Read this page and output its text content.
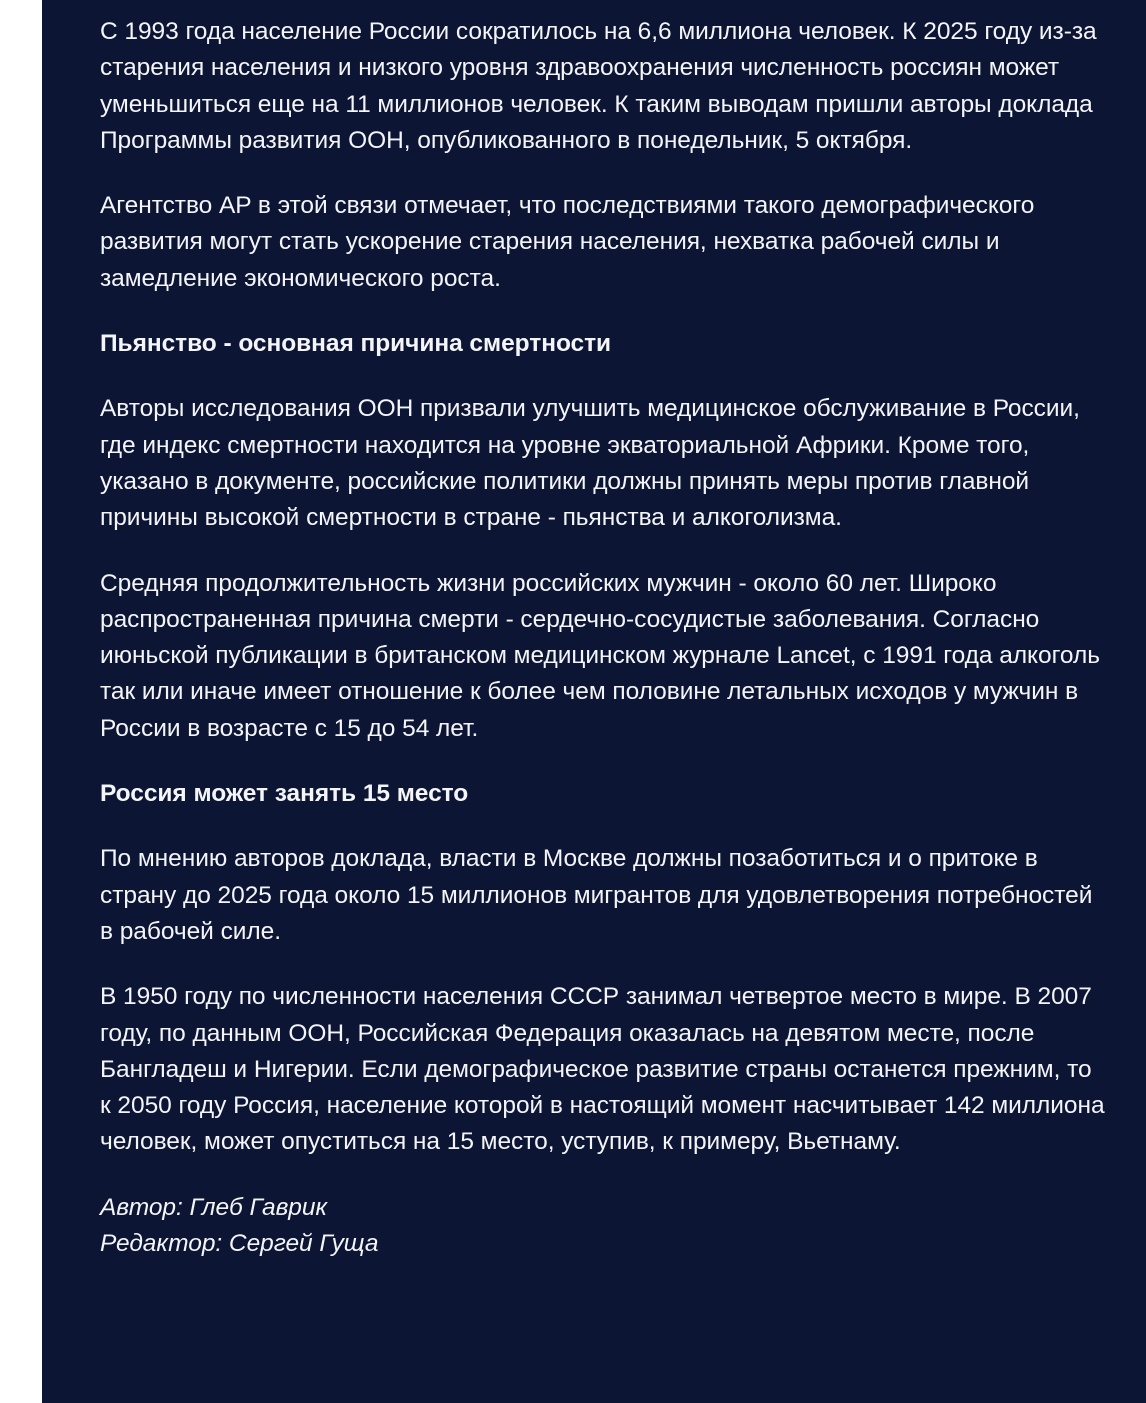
С 1993 года население России сократилось на 6,6 миллиона человек. К 2025 году из-за старения населения и низкого уровня здравоохранения численность россиян может уменьшиться еще на 11 миллионов человек. К таким выводам пришли авторы доклада Программы развития ООН, опубликованного в понедельник, 5 октября.

Агентство AP в этой связи отмечает, что последствиями такого демографического развития могут стать ускорение старения населения, нехватка рабочей силы и замедление экономического роста.

Пьянство - основная причина смертности

Авторы исследования ООН призвали улучшить медицинское обслуживание в России, где индекс смертности находится на уровне экваториальной Африки. Кроме того, указано в документе, российские политики должны принять меры против главной причины высокой смертности в стране - пьянства и алкоголизма.

Средняя продолжительность жизни российских мужчин - около 60 лет. Широко распространенная причина смерти - сердечно-сосудистые заболевания. Согласно июньской публикации в британском медицинском журнале Lancet, с 1991 года алкоголь так или иначе имеет отношение к более чем половине летальных исходов у мужчин в России в возрасте с 15 до 54 лет.

Россия может занять 15 место

По мнению авторов доклада, власти в Москве должны позаботиться и о притоке в страну до 2025 года около 15 миллионов мигрантов для удовлетворения потребностей в рабочей силе.

В 1950 году по численности населения СССР занимал четвертое место в мире. В 2007 году, по данным ООН, Российская Федерация оказалась на девятом месте, после Бангладеш и Нигерии. Если демографическое развитие страны останется прежним, то к 2050 году Россия, население которой в настоящий момент насчитывает 142 миллиона человек, может опуститься на 15 место, уступив, к примеру, Вьетнаму.

Автор: Глеб Гаврик
Редактор: Сергей Гуща
